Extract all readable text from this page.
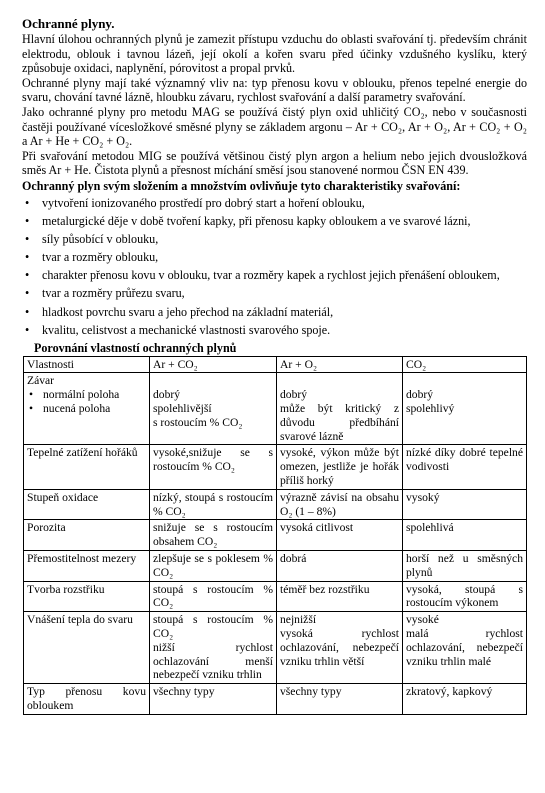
Ochranné plyny.

Hlavní úlohou ochranných plynů je zamezit přístupu vzduchu do oblasti svařování tj. především chránit elektrodu, oblouk i tavnou lázeň, její okolí a kořen svaru před účinky vzdušného kyslíku, který způsobuje oxidaci, naplynění, pórovitost a propal prvků.

Ochranné plyny mají také významný vliv na: typ přenosu kovu v oblouku, přenos tepelné energie do svaru, chování tavné lázně, hloubku závaru, rychlost svařování a další parametry svařování.

Jako ochranné plyny pro metodu MAG se používá čistý plyn oxid uhličitý CO₂, nebo v současnosti častěji používané vícesložkové směsné plyny se základem argonu – Ar + CO₂, Ar + O₂, Ar + CO₂ + O₂ a Ar + He + CO₂ + O₂.

Při svařování metodou MIG se používá většinou čistý plyn argon a helium nebo jejich dvousložková směs Ar + He. Čistota plynů a přesnost míchání směsí jsou stanovené normou ČSN EN 439.

Ochranný plyn svým složením a množstvím ovlivňuje tyto charakteristiky svařování:

• vytvoření ionizovaného prostředí pro dobrý start a hoření oblouku,
• metalurgické děje v době tvoření kapky, při přenosu kapky obloukem a ve svarové lázni,
• síly působící v oblouku,
• tvar a rozměry oblouku,
• charakter přenosu kovu v oblouku, tvar a rozměry kapek a rychlost jejich přenášení obloukem,
• tvar a rozměry průřezu svaru,
• hladkost povrchu svaru a jeho přechod na základní materiál,
• kvalitu, celistvost a mechanické vlastnosti svarového spoje.
Porovnání vlastností ochranných plynů
Vlastnosti	Ar + CO₂	Ar + O₂	CO₂

Závar
• normální poloha
• nucená poloha	dobrý
spolehlivější
s rostoucím % CO₂	dobrý
může být kritický z důvodu předbíhání svarové lázně	dobrý
spolehlivý

Tepelné zatížení hořáků	vysoké,snižuje se s rostoucím % CO₂	vysoké, výkon může být omezen, jestliže je hořák příliš horký	nízké díky dobré tepelné vodivosti

Stupeň oxidace	nízký, stoupá s rostoucím % CO₂	výrazně závisí na obsahu O₂ (1 – 8%)	vysoký

Porozita	snižuje se s rostoucím obsahem CO₂	vysoká citlivost	spolehlivá

Přemostitelnost mezery	zlepšuje se s poklesem % CO₂	dobrá	horší než u směsných plynů

Tvorba rozstřiku	stoupá s rostoucím % CO₂	téměř bez rozstřiku	vysoká, stoupá s rostoucím výkonem

Vnášení tepla do svaru	stoupá s rostoucím % CO₂
nižší rychlost ochlazování menší nebezpečí vzniku trhlin	nejnižší
vysoká rychlost ochlazování, nebezpečí vzniku trhlin větší	vysoké
malá rychlost ochlazování, nebezpečí vzniku trhlin malé

Typ přenosu kovu obloukem	všechny typy	všechny typy	zkratový, kapkový
